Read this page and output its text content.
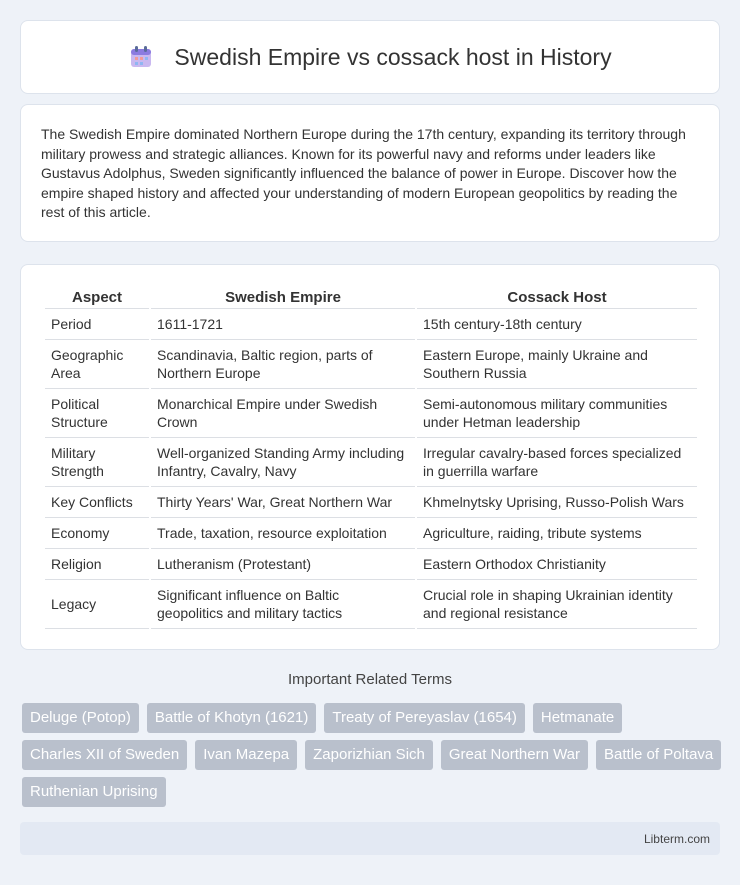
Swedish Empire vs cossack host in History

The Swedish Empire dominated Northern Europe during the 17th century, expanding its territory through military prowess and strategic alliances. Known for its powerful navy and reforms under leaders like Gustavus Adolphus, Sweden significantly influenced the balance of power in Europe. Discover how the empire shaped history and affected your understanding of modern European geopolitics by reading the rest of this article.

Aspect	Swedish Empire	Cossack Host
Period	1611-1721	15th century-18th century
Geographic Area	Scandinavia, Baltic region, parts of Northern Europe	Eastern Europe, mainly Ukraine and Southern Russia
Political Structure	Monarchical Empire under Swedish Crown	Semi-autonomous military communities under Hetman leadership
Military Strength	Well-organized Standing Army including Infantry, Cavalry, Navy	Irregular cavalry-based forces specialized in guerrilla warfare
Key Conflicts	Thirty Years' War, Great Northern War	Khmelnytsky Uprising, Russo-Polish Wars
Economy	Trade, taxation, resource exploitation	Agriculture, raiding, tribute systems
Religion	Lutheranism (Protestant)	Eastern Orthodox Christianity
Legacy	Significant influence on Baltic geopolitics and military tactics	Crucial role in shaping Ukrainian identity and regional resistance
Important Related Terms
Deluge (Potop)	Battle of Khotyn (1621)	Treaty of Pereyaslav (1654)	Hetmanate
Charles XII of Sweden	Ivan Mazepa	Zaporizhian Sich	Great Northern War	Battle of Poltava
Ruthenian Uprising
Libterm.com
